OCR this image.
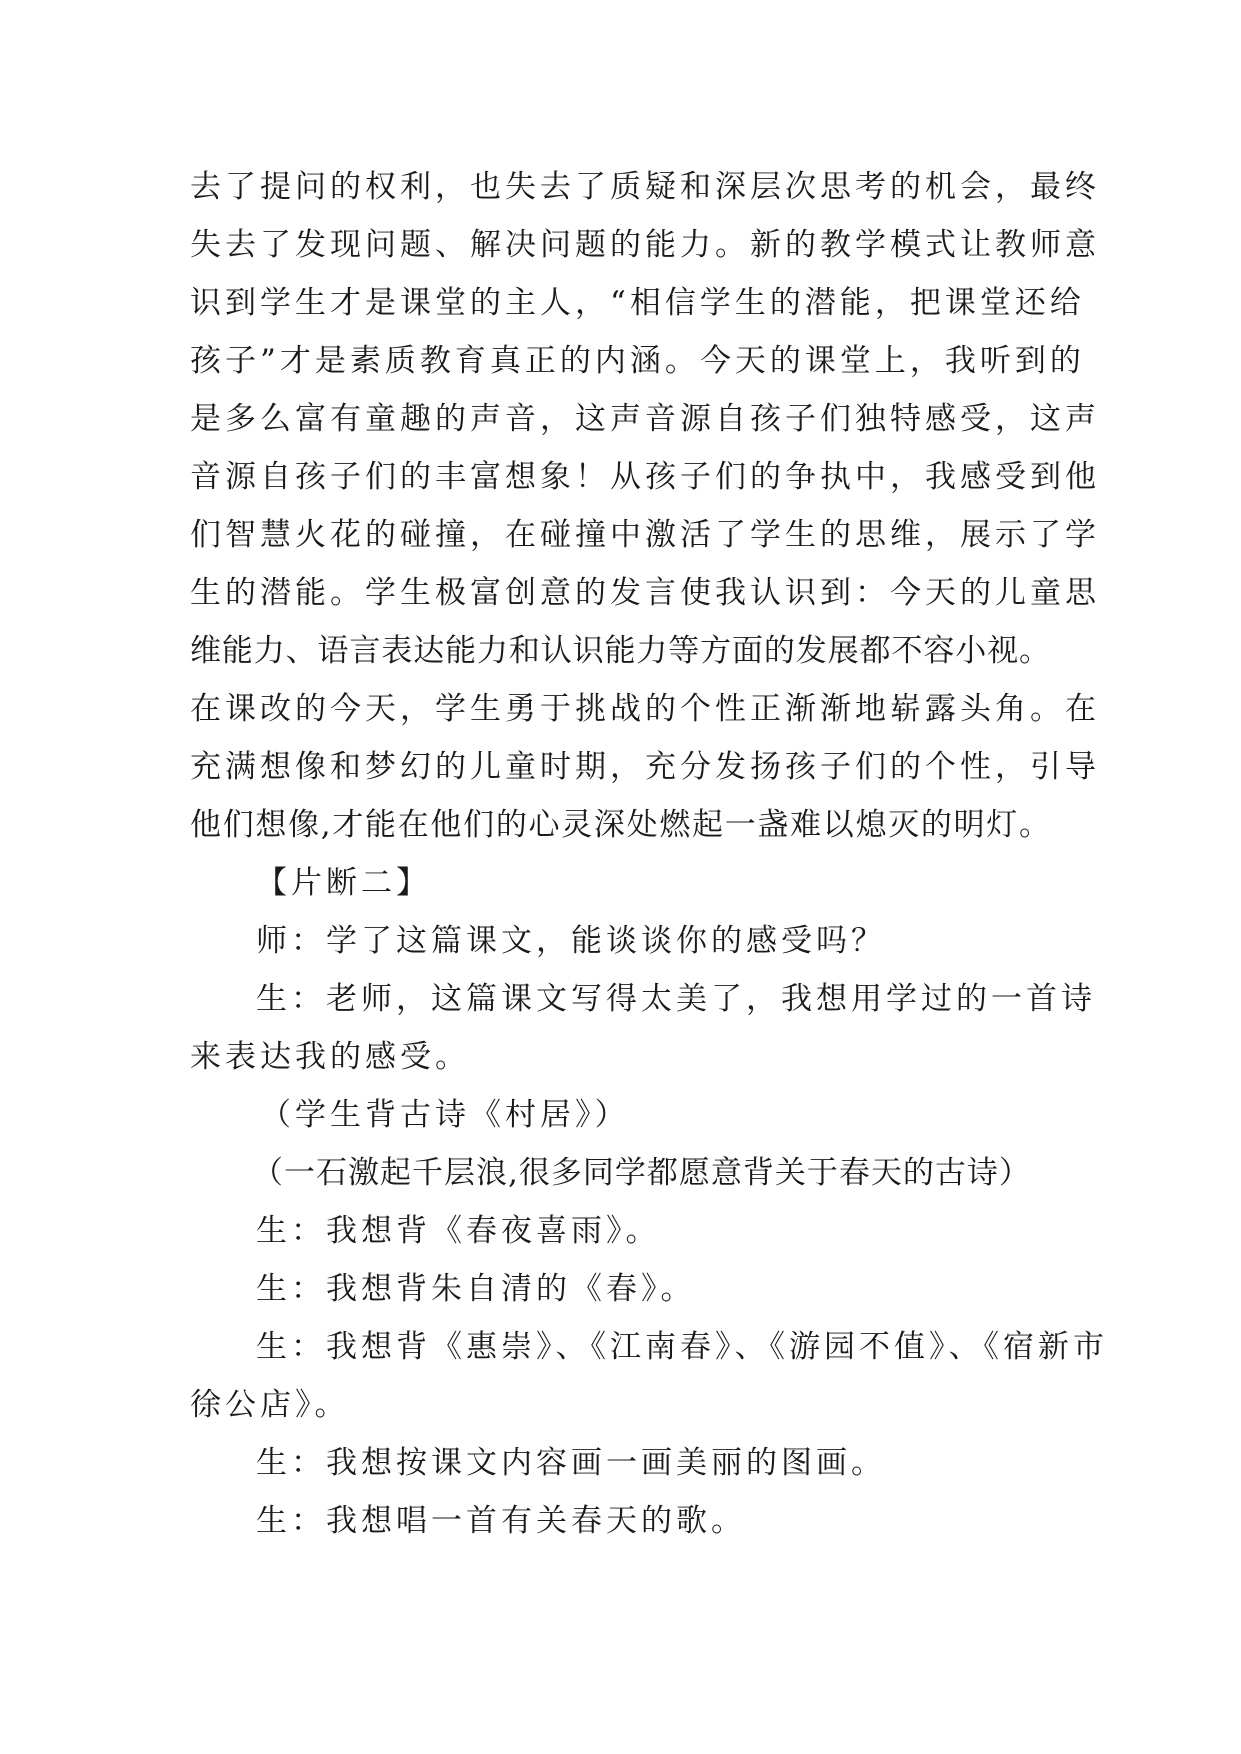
去了提问的权利，也失去了质疑和深层次思考的机会，最终
失去了发现问题、解决问题的能力。新的教学模式让教师意
识到学生才是课堂的主人，“相信学生的潜能，把课堂还给
孩子”才是素质教育真正的内涵。今天的课堂上，我听到的
是多么富有童趣的声音，这声音源自孩子们独特感受，这声
音源自孩子们的丰富想象！从孩子们的争执中，我感受到他
们智慧火花的碰撞，在碰撞中激活了学生的思维，展示了学
生的潜能。学生极富创意的发言使我认识到：今天的儿童思
维能力、语言表达能力和认识能力等方面的发展都不容小视。
在课改的今天，学生勇于挑战的个性正渐渐地崭露头角。在
充满想像和梦幻的儿童时期，充分发扬孩子们的个性，引导
他们想像,才能在他们的心灵深处燃起一盏难以熄灭的明灯。

【片断二】

师：学了这篇课文，能谈谈你的感受吗？

生：老师，这篇课文写得太美了，我想用学过的一首诗
来表达我的感受。

（学生背古诗《村居》）

（一石激起千层浪,很多同学都愿意背关于春天的古诗）

生：我想背《春夜喜雨》。

生：我想背朱自清的《春》。

生：我想背《惠崇》、《江南春》、《游园不值》、《宿新市
徐公店》。

生：我想按课文内容画一画美丽的图画。

生：我想唱一首有关春天的歌。
